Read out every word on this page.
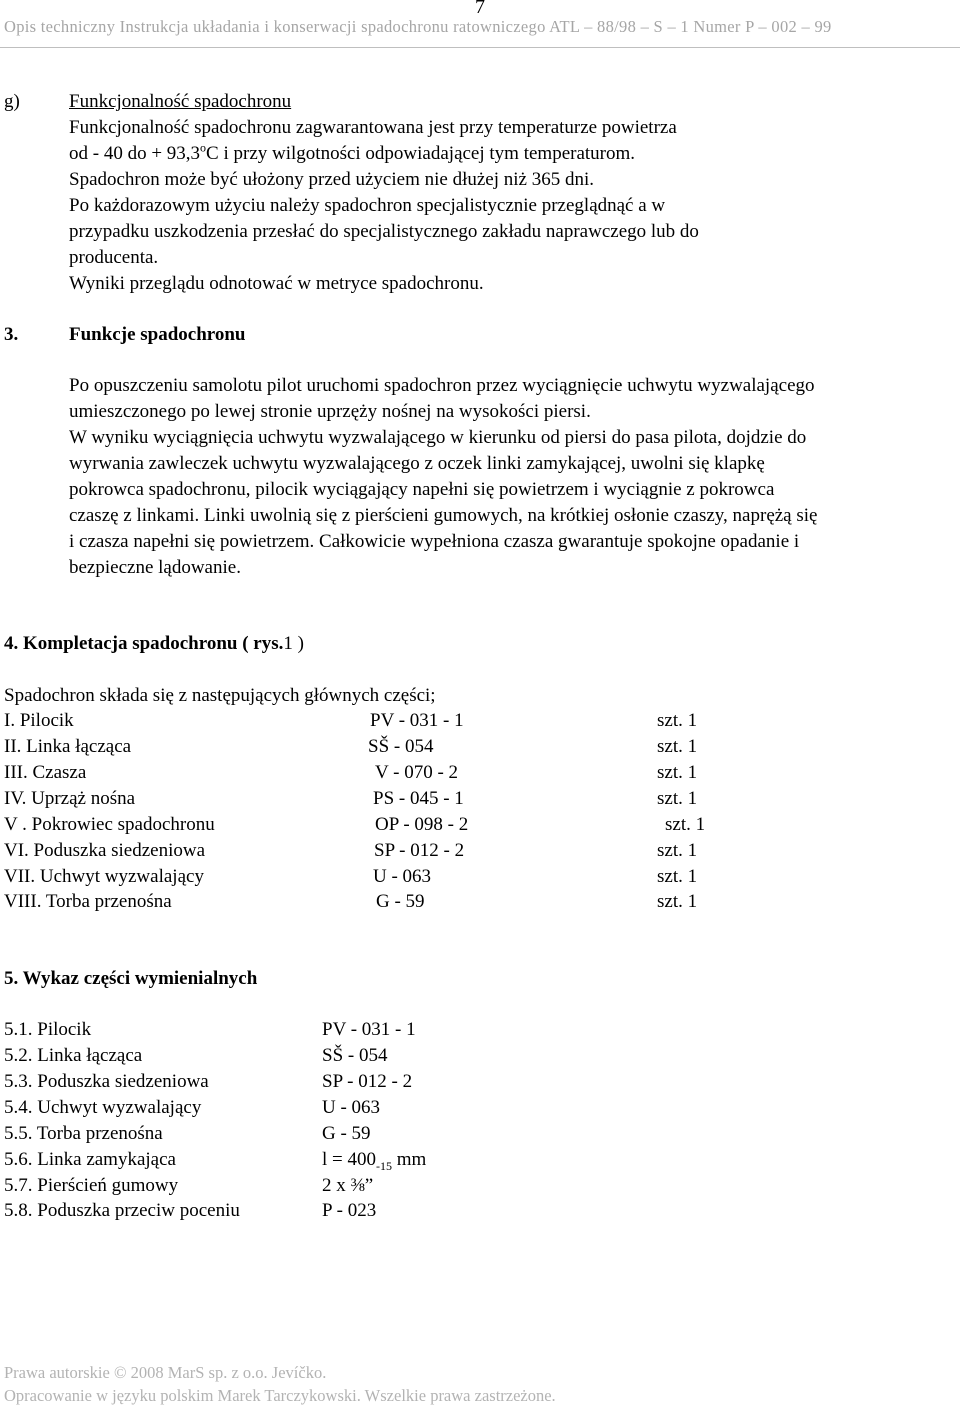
7
Opis techniczny Instrukcja układania i konserwacji spadochronu ratowniczego ATL – 88/98 – S – 1 Numer P – 002 – 99
g)	Funkcjonalność spadochronu
Funkcjonalność spadochronu zagwarantowana jest przy temperaturze powietrza
od - 40 do + $93,3^oC$ i przy wilgotności odpowiadającej tym temperaturom.
Spadochron może być ułożony przed użyciem nie dłużej niż 365 dni.
Po każdorazowym użyciu należy spadochron specjalistycznie przeglądnąć a w
przypadku uszkodzenia przesłać do specjalistycznego zakładu naprawczego lub do
producenta.
Wyniki przeglądu odnotować w metryce spadochronu.
3.	Funkcje spadochronu
Po opuszczeniu samolotu pilot uruchomi spadochron przez wyciągnięcie uchwytu wyzwalającego
umieszczonego po lewej stronie uprzęży nośnej na wysokości piersi.
W wyniku wyciągnięcia uchwytu wyzwalającego w kierunku od piersi do pasa pilota, dojdzie do
wyrwania zawleczek uchwytu wyzwalającego z oczek linki zamykającej, uwolni się klapkę
pokrowca spadochronu, pilocik wyciągający napełni się powietrzem i wyciągnie z pokrowca
czaszę z linkami. Linki uwolnią się z pierścieni gumowych, na krótkiej osłonie czaszy, naprężą się
i czasza napełni się powietrzem. Całkowicie wypełniona czasza gwarantuje spokojne opadanie i
bezpieczne lądowanie.
4. Kompletacja spadochronu ( rys.1 )
Spadochron składa się z następujących głównych części;
I. Pilocik	PV - 031 - 1	szt. 1
II. Linka łącząca	SŠ - 054	szt. 1
III. Czasza	V - 070 - 2	szt. 1
IV. Uprząż nośna	PS - 045 - 1	szt. 1
V . Pokrowiec spadochronu	OP - 098 - 2	szt. 1
VI. Poduszka siedzeniowa	SP - 012 - 2	szt. 1
VII. Uchwyt wyzwalający	U - 063	szt. 1
VIII. Torba przenośna	G - 59	szt. 1
5. Wykaz części wymienialnych
5.1. Pilocik	PV - 031 - 1
5.2. Linka łącząca	SŠ - 054
5.3. Poduszka siedzeniowa	SP - 012 - 2
5.4. Uchwyt wyzwalający	U - 063
5.5. Torba przenośna	G - 59
5.6. Linka zamykająca	$l = 400_{-15}$ mm
5.7. Pierścień gumowy	2 x ⅜”
5.8. Poduszka przeciw poceniu	P - 023
Prawa autorskie © 2008 MarS sp. z o.o. Jevíčko.
Opracowanie w języku polskim Marek Tarczykowski. Wszelkie prawa zastrzeżone.
